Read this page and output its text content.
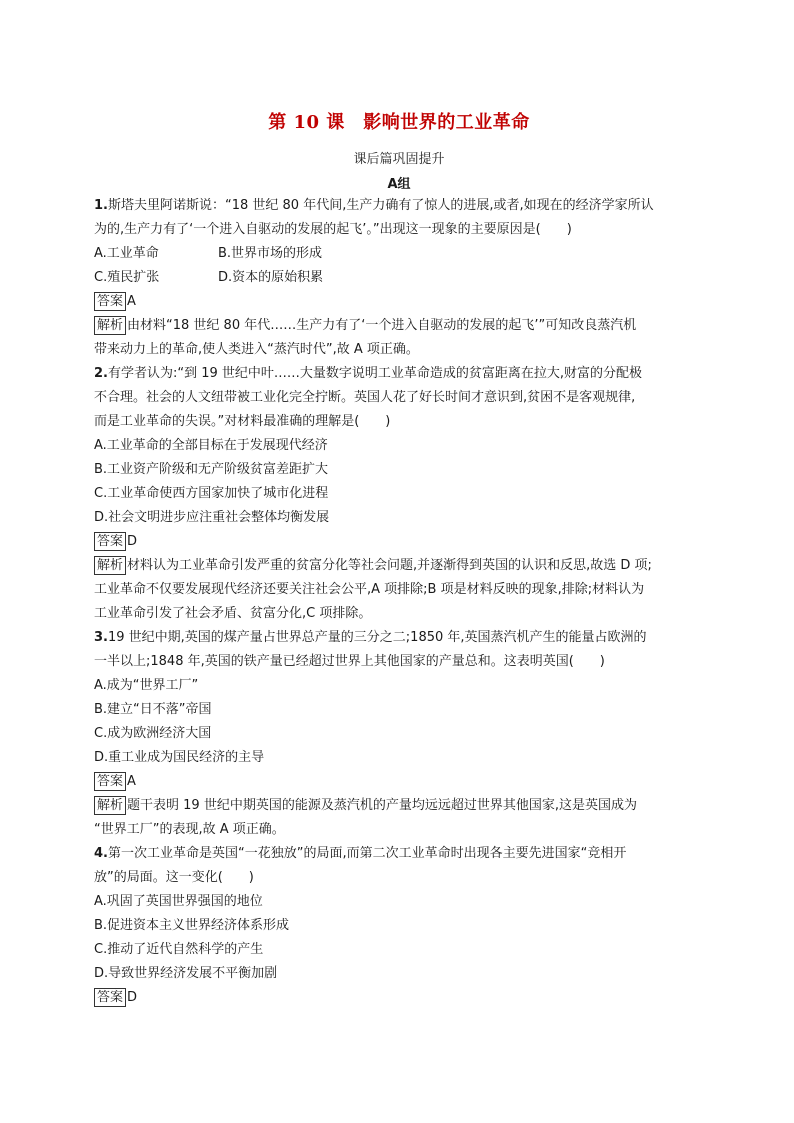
第 10 课　影响世界的工业革命
课后篇巩固提升
A组
1.斯塔夫里阿诺斯说：“18 世纪 80 年代间,生产力确有了惊人的进展,或者,如现在的经济学家所认
为的,生产力有了‘一个进入自驱动的发展的起飞’。”出现这一现象的主要原因是(　　)
A.工业革命	B.世界市场的形成
C.殖民扩张	D.资本的原始积累
答案 A
解析 由材料“18 世纪 80 年代……生产力有了‘一个进入自驱动的发展的起飞’”可知改良蒸汽机
带来动力上的革命,使人类进入“蒸汽时代”,故 A 项正确。
2.有学者认为:“到 19 世纪中叶……大量数字说明工业革命造成的贫富距离在拉大,财富的分配极
不合理。社会的人文纽带被工业化完全拧断。英国人花了好长时间才意识到,贫困不是客观规律,
而是工业革命的失误。”对材料最准确的理解是(　　)
A.工业革命的全部目标在于发展现代经济
B.工业资产阶级和无产阶级贫富差距扩大
C.工业革命使西方国家加快了城市化进程
D.社会文明进步应注重社会整体均衡发展
答案 D
解析 材料认为工业革命引发严重的贫富分化等社会问题,并逐渐得到英国的认识和反思,故选 D 项;
工业革命不仅要发展现代经济还要关注社会公平,A 项排除;B 项是材料反映的现象,排除;材料认为
工业革命引发了社会矛盾、贫富分化,C 项排除。
3.19 世纪中期,英国的煤产量占世界总产量的三分之二;1850 年,英国蒸汽机产生的能量占欧洲的
一半以上;1848 年,英国的铁产量已经超过世界上其他国家的产量总和。这表明英国(　　)
A.成为“世界工厂”
B.建立“日不落”帝国
C.成为欧洲经济大国
D.重工业成为国民经济的主导
答案 A
解析 题干表明 19 世纪中期英国的能源及蒸汽机的产量均远远超过世界其他国家,这是英国成为
“世界工厂”的表现,故 A 项正确。
4.第一次工业革命是英国“一花独放”的局面,而第二次工业革命时出现各主要先进国家“竞相开
放”的局面。这一变化(　　)
A.巩固了英国世界强国的地位
B.促进资本主义世界经济体系形成
C.推动了近代自然科学的产生
D.导致世界经济发展不平衡加剧
答案 D
